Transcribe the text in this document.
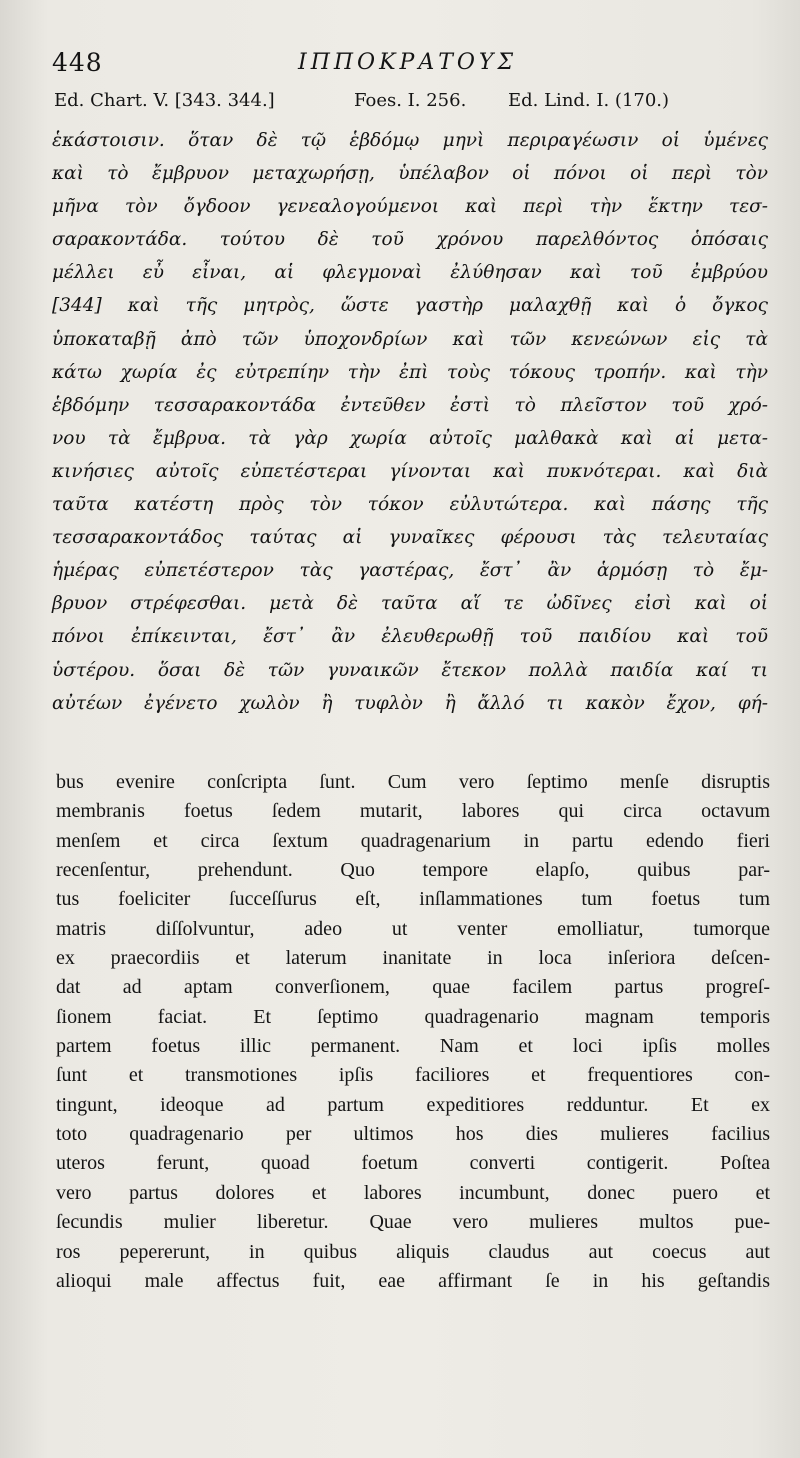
448	ΙΠΠΟΚΡΑΤΟΥΣ
Ed. Chart. V. [343. 344.]	Foes. I. 256. Ed. Lind. I. (170.)
ἑκάστοισιν. ὅταν δὲ τῷ ἑβδόμῳ μηνὶ περιραγέωσιν οἱ ὑμένες
καὶ τὸ ἔμβρυον μεταχωρήσῃ, ὑπέλαβον οἱ πόνοι οἱ περὶ τὸν
μῆνα τὸν ὄγδοον γενεαλογούμενοι καὶ περὶ τὴν ἕκτην τεσ-
σαρακοντάδα. τούτου δὲ τοῦ χρόνου παρελθόντος ὁπόσαις
μέλλει εὖ εἶναι, αἱ φλεγμοναὶ ἐλύθησαν καὶ τοῦ ἐμβρύου
[344] καὶ τῆς μητρὸς, ὥστε γαστὴρ μαλαχθῇ καὶ ὁ ὄγκος
ὑποκαταβῇ ἀπὸ τῶν ὑποχονδρίων καὶ τῶν κενεώνων εἰς τὰ
κάτω χωρία ἐς εὐτρεπίην τὴν ἐπὶ τοὺς τόκους τροπήν. καὶ τὴν
ἑβδόμην τεσσαρακοντάδα ἐντεῦθεν ἐστὶ τὸ πλεῖστον τοῦ χρό-
νου τὰ ἔμβρυα. τὰ γὰρ χωρία αὐτοῖς μαλθακὰ καὶ αἱ μετα-
κινήσιες αὐτοῖς εὐπετέστεραι γίνονται καὶ πυκνότεραι. καὶ διὰ
ταῦτα κατέστη πρὸς τὸν τόκον εὐλυτώτερα. καὶ πάσης τῆς
τεσσαρακοντάδος ταύτας αἱ γυναῖκες φέρουσι τὰς τελευταίας
ἡμέρας εὐπετέστερον τὰς γαστέρας, ἔστ᾽ ἂν ἁρμόσῃ τὸ ἔμ-
βρυον στρέφεσθαι. μετὰ δὲ ταῦτα αἵ τε ὠδῖνες εἰσὶ καὶ οἱ
πόνοι ἐπίκεινται, ἔστ᾽ ἂν ἐλευθερωθῇ τοῦ παιδίου καὶ τοῦ
ὑστέρου. ὅσαι δὲ τῶν γυναικῶν ἔτεκον πολλὰ παιδία καί τι
αὐτέων ἐγένετο χωλὸν ἢ τυφλὸν ἢ ἄλλό τι κακὸν ἔχον, φή-
bus evenire conſcripta ſunt. Cum vero ſeptimo menſe disruptis
membranis foetus ſedem mutarit, labores qui circa octavum
menſem et circa ſextum quadragenarium in partu edendo fieri
recenſentur, prehendunt. Quo tempore elapſo, quibus par-
tus foeliciter ſucceſſurus eſt, inſlammationes tum foetus tum
matris diſſolvuntur, adeo ut venter emolliatur, tumorque
ex praecordiis et laterum inanitate in loca inſeriora deſcen-
dat ad aptam converſionem, quae facilem partus progreſ-
ſionem faciat. Et ſeptimo quadragenario magnam temporis
partem foetus illic permanent. Nam et loci ipſis molles
ſunt et transmotiones ipſis faciliores et frequentiores con-
tingunt, ideoque ad partum expeditiores redduntur. Et ex
toto quadragenario per ultimos hos dies mulieres facilius
uteros ferunt, quoad foetum converti contigerit. Poſtea
vero partus dolores et labores incumbunt, donec puero et
ſecundis mulier liberetur. Quae vero mulieres multos pue-
ros pepererunt, in quibus aliquis claudus aut coecus aut
alioqui male affectus fuit, eae affirmant ſe in his geſtandis
